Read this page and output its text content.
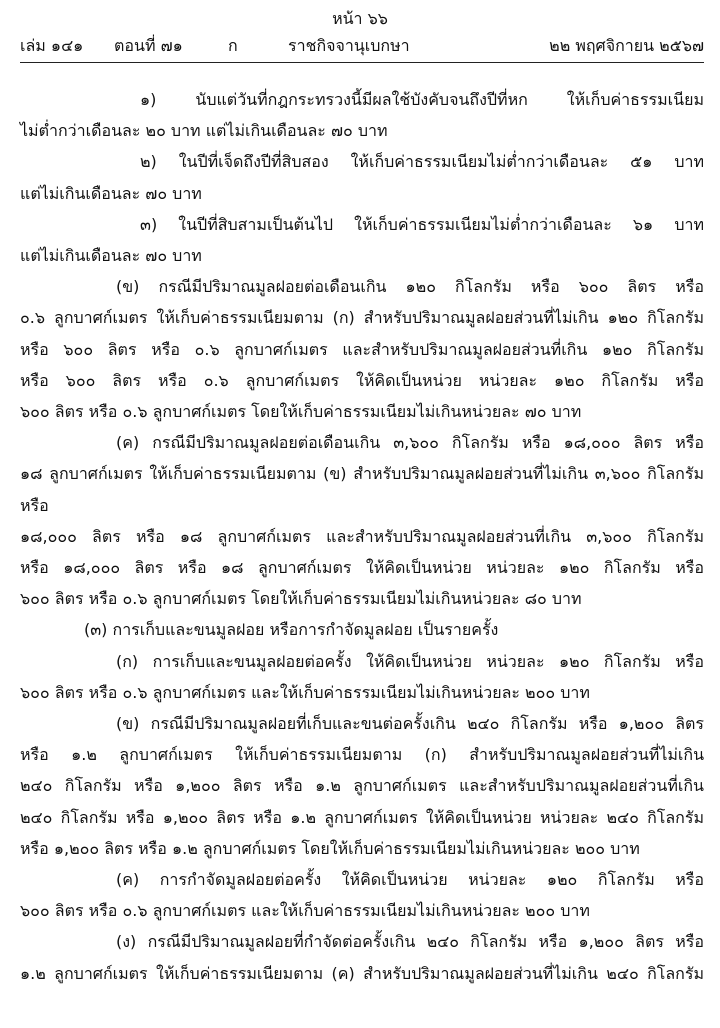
หน้า ๖๖
เล่ม ๑๔๑ ตอนที่ ๗๑	ก	ราชกิจจานุเบกษา	๒๒ พฤศจิกายน ๒๕๖๗

๑) นับแต่วันที่กฎกระทรวงนี้มีผลใช้บังคับจนถึงปีที่หก ให้เก็บค่าธรรมเนียม

ไม่ต่ำกว่าเดือนละ ๒๐ บาท แต่ไม่เกินเดือนละ ๗๐ บาท

๒) ในปีที่เจ็ดถึงปีที่สิบสอง ให้เก็บค่าธรรมเนียมไม่ต่ำกว่าเดือนละ ๕๑ บาท

แต่ไม่เกินเดือนละ ๗๐ บาท

๓) ในปีที่สิบสามเป็นต้นไป ให้เก็บค่าธรรมเนียมไม่ต่ำกว่าเดือนละ ๖๑ บาท

แต่ไม่เกินเดือนละ ๗๐ บาท

(ข) กรณีมีปริมาณมูลฝอยต่อเดือนเกิน ๑๒๐ กิโลกรัม หรือ ๖๐๐ ลิตร หรือ

๐.๖ ลูกบาศก์เมตร ให้เก็บค่าธรรมเนียมตาม (ก) สำหรับปริมาณมูลฝอยส่วนที่ไม่เกิน ๑๒๐ กิโลกรัม

หรือ ๖๐๐ ลิตร หรือ ๐.๖ ลูกบาศก์เมตร และสำหรับปริมาณมูลฝอยส่วนที่เกิน ๑๒๐ กิโลกรัม

หรือ ๖๐๐ ลิตร หรือ ๐.๖ ลูกบาศก์เมตร ให้คิดเป็นหน่วย หน่วยละ ๑๒๐ กิโลกรัม หรือ

๖๐๐ ลิตร หรือ ๐.๖ ลูกบาศก์เมตร โดยให้เก็บค่าธรรมเนียมไม่เกินหน่วยละ ๗๐ บาท

(ค) กรณีมีปริมาณมูลฝอยต่อเดือนเกิน ๓,๖๐๐ กิโลกรัม หรือ ๑๘,๐๐๐ ลิตร หรือ

๑๘ ลูกบาศก์เมตร ให้เก็บค่าธรรมเนียมตาม (ข) สำหรับปริมาณมูลฝอยส่วนที่ไม่เกิน ๓,๖๐๐ กิโลกรัม หรือ

๑๘,๐๐๐ ลิตร หรือ ๑๘ ลูกบาศก์เมตร และสำหรับปริมาณมูลฝอยส่วนที่เกิน ๓,๖๐๐ กิโลกรัม

หรือ ๑๘,๐๐๐ ลิตร หรือ ๑๘ ลูกบาศก์เมตร ให้คิดเป็นหน่วย หน่วยละ ๑๒๐ กิโลกรัม หรือ

๖๐๐ ลิตร หรือ ๐.๖ ลูกบาศก์เมตร โดยให้เก็บค่าธรรมเนียมไม่เกินหน่วยละ ๘๐ บาท

(๓) การเก็บและขนมูลฝอย หรือการกำจัดมูลฝอย เป็นรายครั้ง

(ก) การเก็บและขนมูลฝอยต่อครั้ง ให้คิดเป็นหน่วย หน่วยละ ๑๒๐ กิโลกรัม หรือ

๖๐๐ ลิตร หรือ ๐.๖ ลูกบาศก์เมตร และให้เก็บค่าธรรมเนียมไม่เกินหน่วยละ ๒๐๐ บาท

(ข) กรณีมีปริมาณมูลฝอยที่เก็บและขนต่อครั้งเกิน ๒๔๐ กิโลกรัม หรือ ๑,๒๐๐ ลิตร

หรือ ๑.๒ ลูกบาศก์เมตร ให้เก็บค่าธรรมเนียมตาม (ก) สำหรับปริมาณมูลฝอยส่วนที่ไม่เกิน

๒๔๐ กิโลกรัม หรือ ๑,๒๐๐ ลิตร หรือ ๑.๒ ลูกบาศก์เมตร และสำหรับปริมาณมูลฝอยส่วนที่เกิน

๒๔๐ กิโลกรัม หรือ ๑,๒๐๐ ลิตร หรือ ๑.๒ ลูกบาศก์เมตร ให้คิดเป็นหน่วย หน่วยละ ๒๔๐ กิโลกรัม

หรือ ๑,๒๐๐ ลิตร หรือ ๑.๒ ลูกบาศก์เมตร โดยให้เก็บค่าธรรมเนียมไม่เกินหน่วยละ ๒๐๐ บาท

(ค) การกำจัดมูลฝอยต่อครั้ง ให้คิดเป็นหน่วย หน่วยละ ๑๒๐ กิโลกรัม หรือ

๖๐๐ ลิตร หรือ ๐.๖ ลูกบาศก์เมตร และให้เก็บค่าธรรมเนียมไม่เกินหน่วยละ ๒๐๐ บาท

(ง) กรณีมีปริมาณมูลฝอยที่กำจัดต่อครั้งเกิน ๒๔๐ กิโลกรัม หรือ ๑,๒๐๐ ลิตร หรือ

๑.๒ ลูกบาศก์เมตร ให้เก็บค่าธรรมเนียมตาม (ค) สำหรับปริมาณมูลฝอยส่วนที่ไม่เกิน ๒๔๐ กิโลกรัม
